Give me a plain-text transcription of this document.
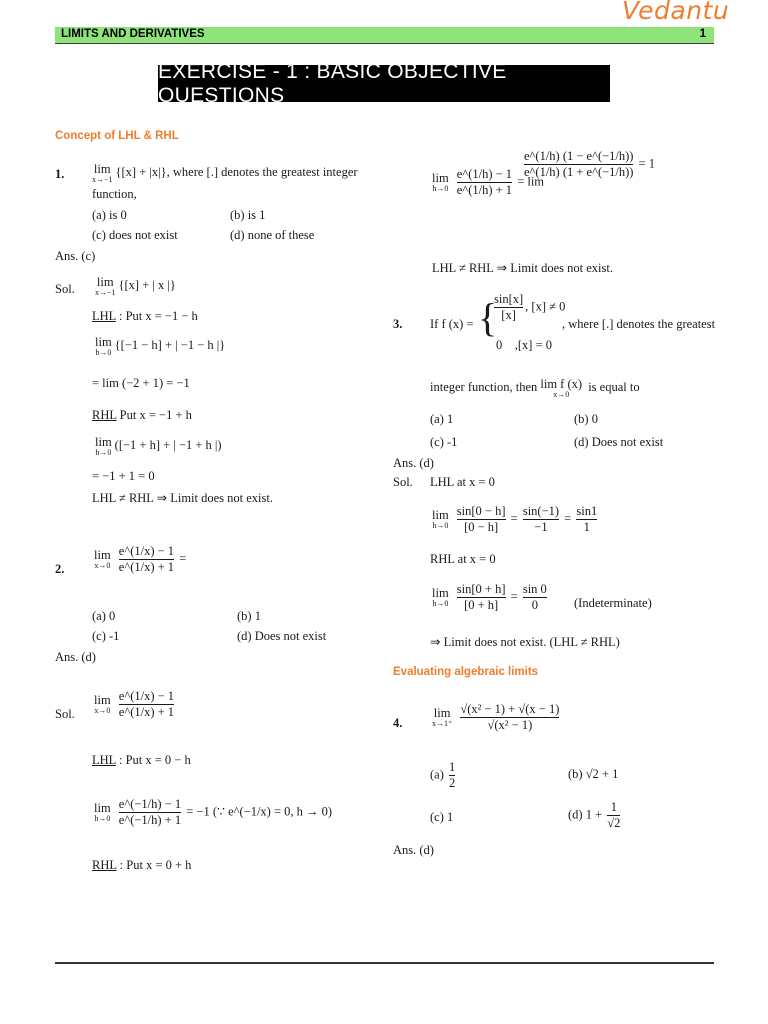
Vedantu
LIMITS AND DERIVATIVES	1
EXERCISE - 1 : BASIC OBJECTIVE QUESTIONS
Concept of LHL & RHL
1. lim
x→−1 {[x] + |x|}, where [.] denotes the greatest integer
function,
(a) is 0	(b) is 1
(c) does not exist	(d) none of these
Ans. (c)
Sol. lim
x→−1 {[x] + | x |}
LHL : Put x = −1 − h
lim
h→0 {[−1 − h] + | −1 − h |}
= lim (−2 + 1) = −1
RHL Put x = −1 + h
lim
h→0 ([−1 + h] + | −1 + h |)
= −1 + 1 = 0
LHL ≠ RHL ⇒ Limit does not exist.
2.
lim
x→0
$\frac{e\^{}(1/x) - 1}{e\^{}(1/x) + 1}$ =
(a) 0	(b) 1
(c) -1	(d) Does not exist
Ans. (d)
Sol.
lim
x→0
$\frac{e\^{}(1/x) - 1}{e\^{}(1/x) + 1}$
LHL : Put x = 0 − h
lim
h→0
$\frac{e\^{}(-1/h) - 1}{e\^{}(-1/h) + 1} = -1$ (∵ e^(−1/x) = 0, h → 0)
RHL : Put x = 0 + h
lim
h→0
$\frac{e\^{}(1/h) - 1}{e\^{}(1/h) + 1} = \lim$
$\frac{e\^{}(1/h) (1 - e\^{}(-1/h))}{e\^{}(1/h) (1 + e\^{}(-1/h))} = 1$
LHL ≠ RHL ⇒ Limit does not exist.
3. If f (x) = {
$\frac{\sin[x]}{[x]}$ , [x] ≠ 0
0 ,[x] = 0
, where [.] denotes the greatest
integer function, then lim f (x)
x→0 is equal to
(a) 1	(b) 0
(c) -1	(d) Does not exist
Ans. (d)
Sol. LHL at x = 0
lim
h→0
$\frac{\sin[0 - h]}{[0 - h]} = \frac{\sin(-1)}{-1} = \frac{\sin 1}{1}$
RHL at x = 0
lim
h→0
$\frac{\sin[0 + h]}{[0 + h]} = \frac{\sin 0}{0}$ (Indeterminate)
⇒ Limit does not exist. (LHL ≠ RHL)
Evaluating algebraic limits
4.
lim
x→1⁺
$\frac{\text{√(x² − 1) + √(x − 1)}}{\text{√(x² − 1)}}$
$(a) \frac{1}{2}$	(b) √2 + 1
(c) 1	(d) $1 + \frac{1}{√2}$
Ans. (d)
